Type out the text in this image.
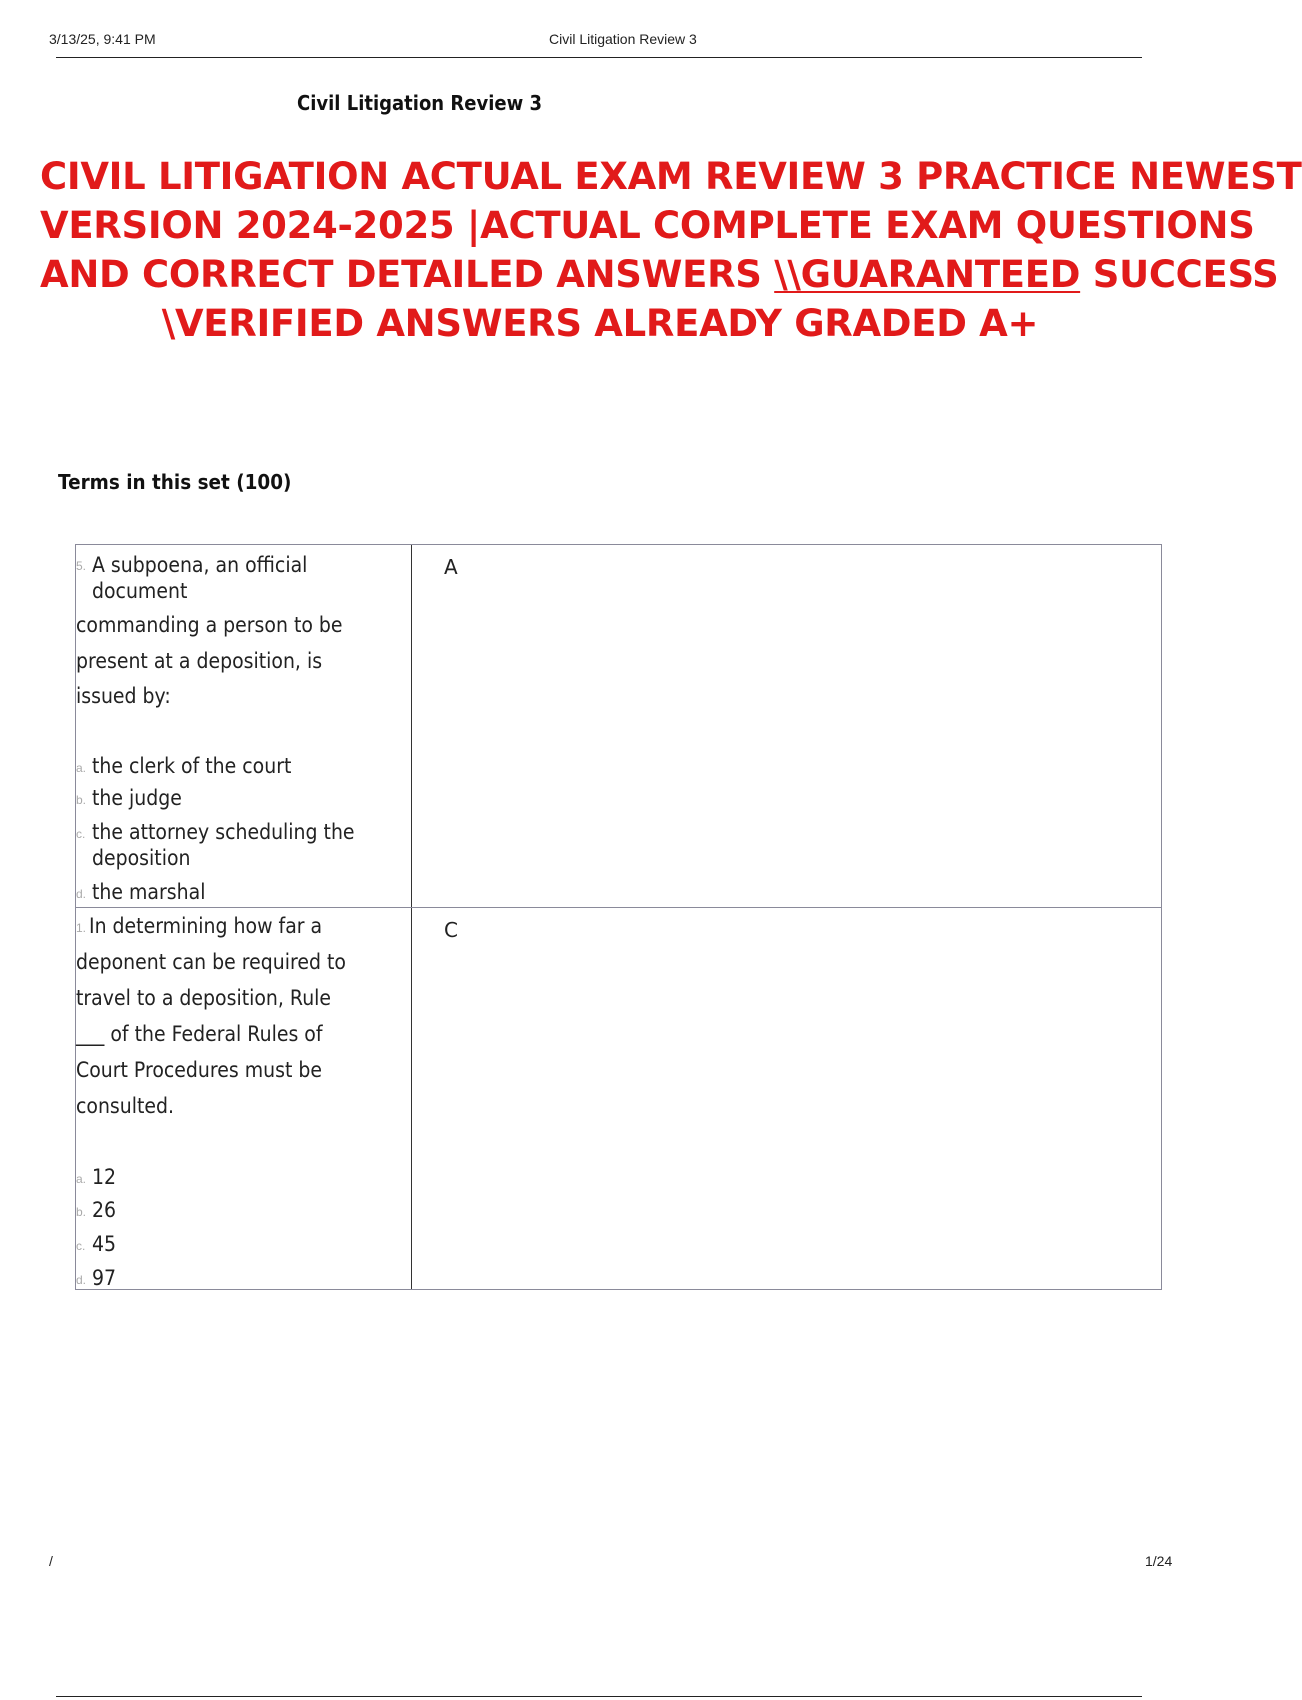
3/13/25, 9:41 PM	Civil Litigation Review 3
Civil Litigation Review 3
CIVIL LITIGATION ACTUAL EXAM REVIEW 3 PRACTICE NEWEST
VERSION 2024-2025 |ACTUAL COMPLETE EXAM QUESTIONS
AND CORRECT DETAILED ANSWERS \\GUARANTEED SUCCESS
\VERIFIED ANSWERS ALREADY GRADED A+
Terms in this set (100)
5. A subpoena, an official
document
commanding a person to be
present at a deposition, is
issued by:
a. the clerk of the court
b. the judge
c. the attorney scheduling the
deposition
d. the marshal
A
1. In determining how far a
deponent can be required to
travel to a deposition, Rule
___ of the Federal Rules of
Court Procedures must be
consulted.
a. 12
b. 26
c. 45
d. 97
C
/	1/24
